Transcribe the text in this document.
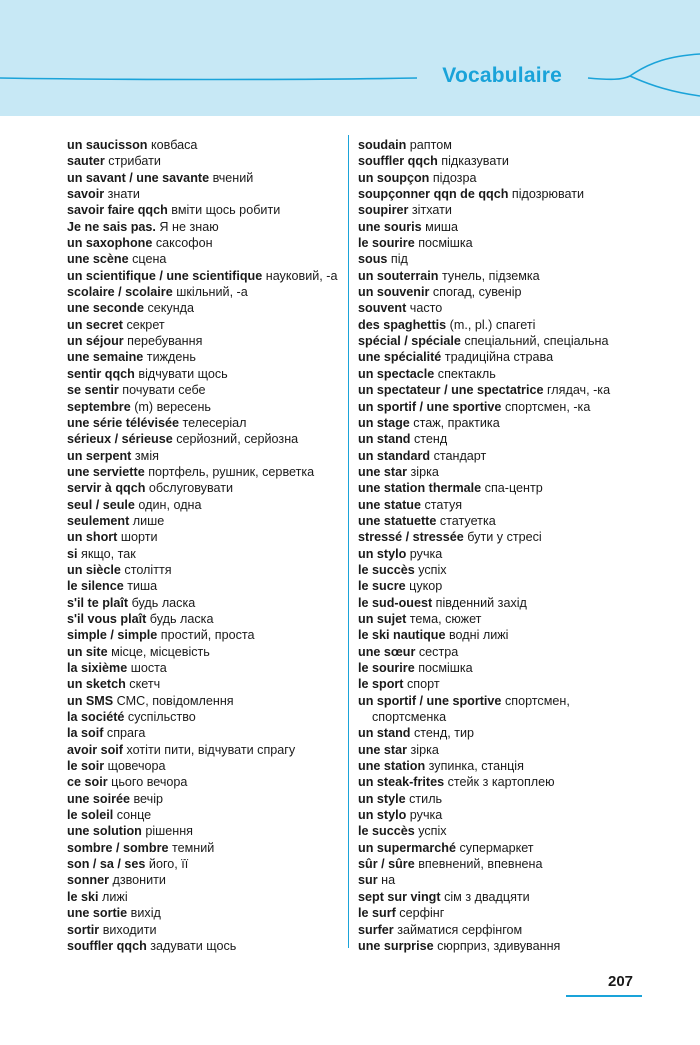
Vocabulaire
un saucisson ковбаса
sauter стрибати
un savant / une savante вчений
savoir знати
savoir faire qqch вміти щось робити
Je ne sais pas. Я не знаю
un saxophone саксофон
une scène сцена
un scientifique / une scientifique науковий, -а
scolaire / scolaire шкільний, -а
une seconde секунда
un secret секрет
un séjour перебування
une semaine тиждень
sentir qqch відчувати щось
se sentir почувати себе
septembre (m) вересень
une série télévisée телесеріал
sérieux / sérieuse серйозний, серйозна
un serpent змія
une serviette портфель, рушник, серветка
servir à qqch обслуговувати
seul / seule один, одна
seulement лише
un short шорти
si якщо, так
un siècle століття
le silence тиша
s'il te plaît будь ласка
s'il vous plaît будь ласка
simple / simple простий, проста
un site місце, місцевість
la sixième шоста
un sketch скетч
un SMS СМС, повідомлення
la société суспільство
la soif спрага
avoir soif хотіти пити, відчувати спрагу
le soir щовечора
ce soir цього вечора
une soirée вечір
le soleil сонце
une solution рішення
sombre / sombre темний
son / sa / ses його, її
sonner дзвонити
le ski лижі
une sortie вихід
sortir виходити
souffler qqch задувати щось
soudain раптом
souffler qqch підказувати
un soupçon підозра
soupçonner qqn de qqch підозрювати
soupirer зітхати
une souris миша
le sourire посмішка
sous під
un souterrain тунель, підземка
un souvenir спогад, сувенір
souvent часто
des spaghettis (m., pl.) спагеті
spécial / spéciale спеціальний, спеціальна
une spécialité традиційна страва
un spectacle спектакль
un spectateur / une spectatrice глядач, -ка
un sportif / une sportive спортсмен, -ка
un stage стаж, практика
un stand стенд
un standard стандарт
une star зірка
une station thermale спа-центр
une statue статуя
une statuette статуетка
stressé / stressée бути у стресі
un stylo ручка
le succès успіх
le sucre цукор
le sud-ouest південний захід
un sujet тема, сюжет
le ski nautique водні лижі
une sœur сестра
le sourire посмішка
le sport спорт
un sportif / une sportive спортсмен,
спортсменка
un stand стенд, тир
une star зірка
une station зупинка, станція
un steak-frites стейк з картоплею
un style стиль
un stylo ручка
le succès успіх
un supermarché супермаркет
sûr / sûre впевнений, впевнена
sur на
sept sur vingt сім з двадцяти
le surf серфінг
surfer займатися серфінгом
une surprise сюрприз, здивування
207
